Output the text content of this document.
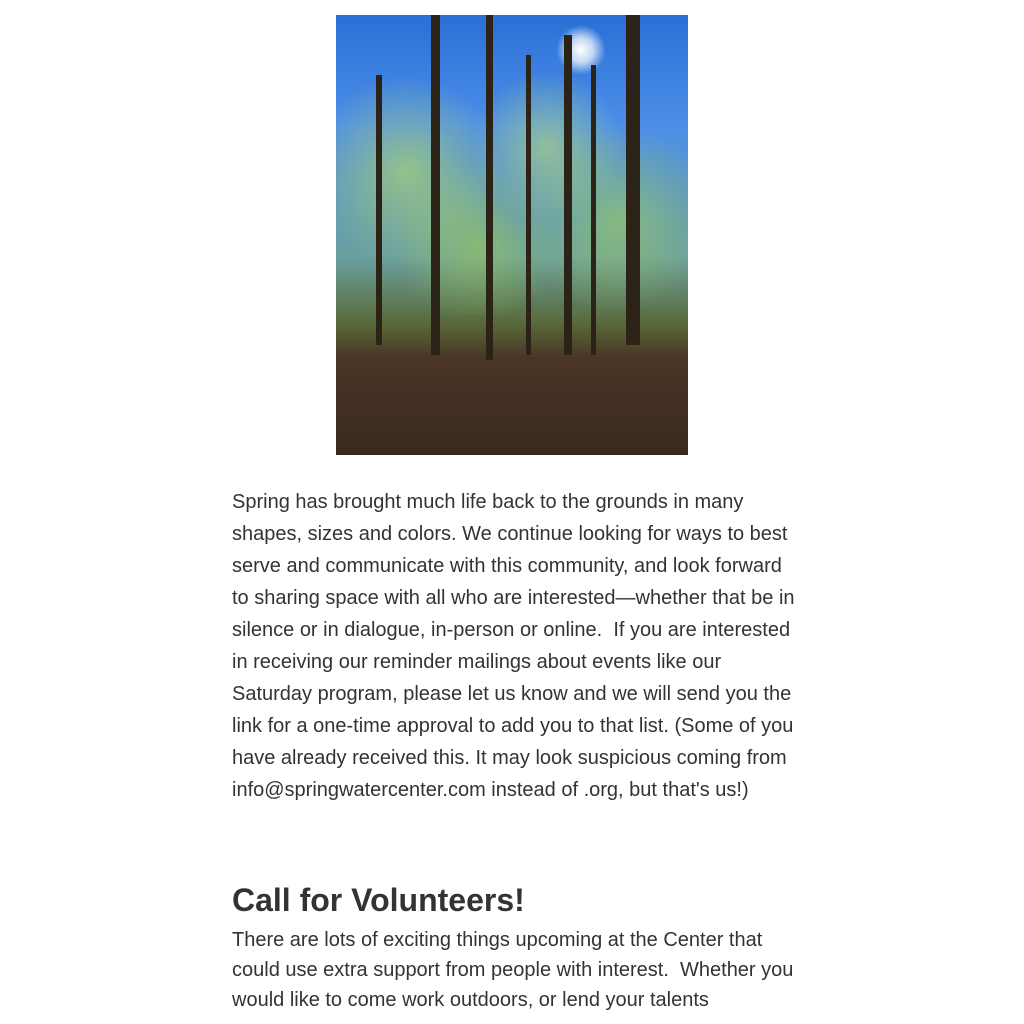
Spring has brought much life back to the grounds in many shapes, sizes and colors. We continue looking for ways to best serve and communicate with this community, and look forward to sharing space with all who are interested—whether that be in silence or in dialogue, in-person or online.  If you are interested in receiving our reminder mailings about events like our Saturday program, please let us know and we will send you the link for a one-time approval to add you to that list. (Some of you have already received this. It may look suspicious coming from info@springwatercenter.com instead of .org, but that's us!)

Call for Volunteers!

There are lots of exciting things upcoming at the Center that could use extra support from people with interest.  Whether you would like to come work outdoors, or lend your talents
